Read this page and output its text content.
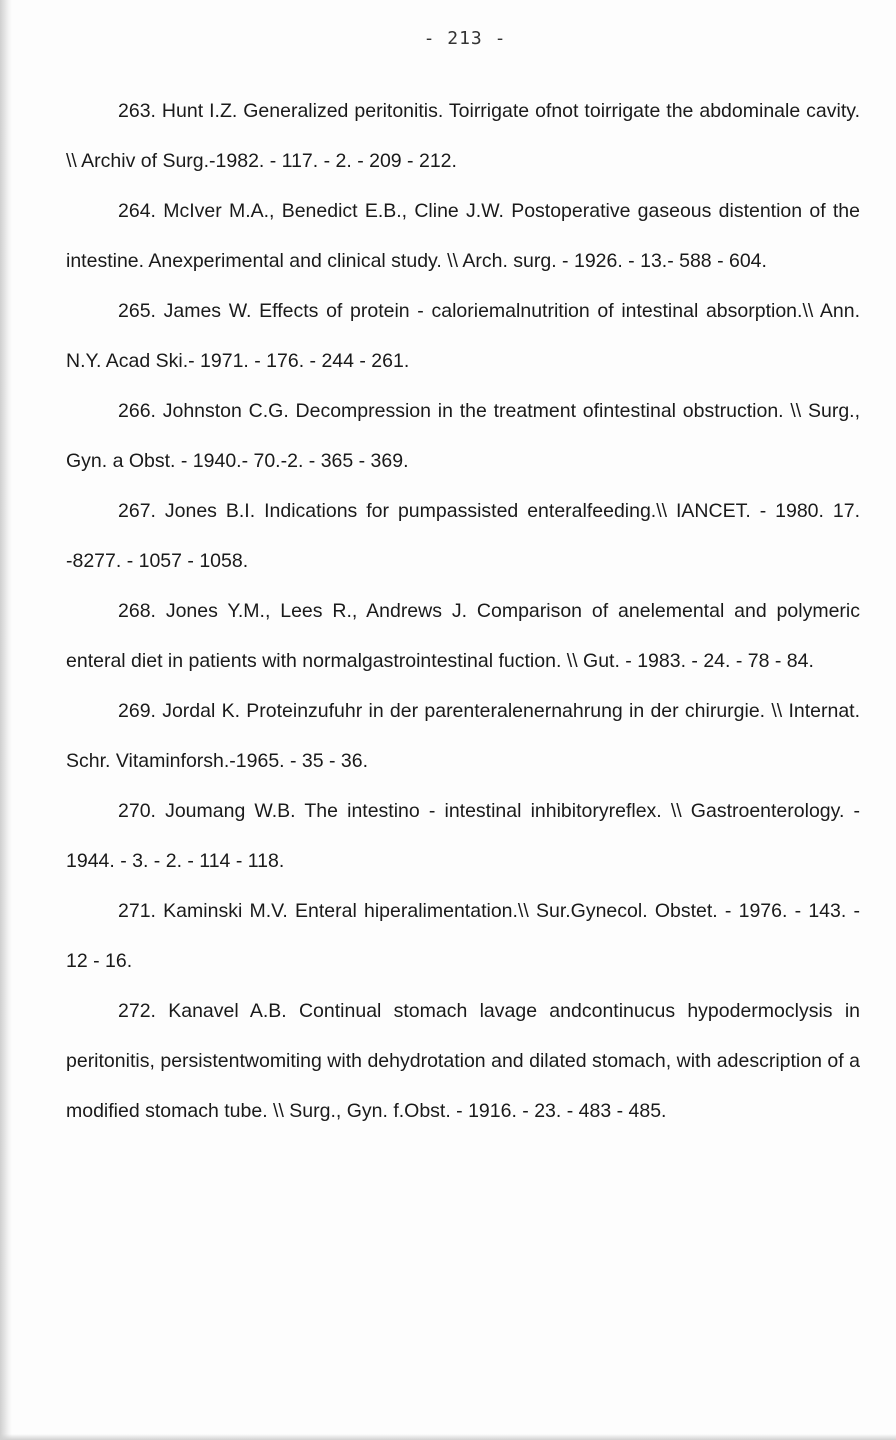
- 213 -

263. Hunt I.Z. Generalized peritonitis. Toirrigate ofnot toirrigate the abdominale cavity. \\ Archiv of Surg.-1982. - 117. - 2. - 209 - 212.

264. McIver M.A., Benedict E.B., Cline J.W. Postoperative gaseous distention of the intestine. Anexperimental and clinical study. \\ Arch. surg. - 1926. - 13.- 588 - 604.

265. James W. Effects of protein - caloriemalnutrition of intestinal absorption.\\ Ann. N.Y. Acad Ski.- 1971. - 176. - 244 - 261.

266. Johnston C.G. Decompression in the treatment ofintestinal obstruction. \\ Surg., Gyn. a Obst. - 1940.- 70.-2. - 365 - 369.

267. Jones B.I. Indications for pumpassisted enteralfeeding.\\ IANCET. - 1980. 17. -8277. - 1057 - 1058.

268. Jones Y.M., Lees R., Andrews J. Comparison of anelemental and polymeric enteral diet in patients with normalgastrointestinal fuction. \\ Gut. - 1983. - 24. - 78 - 84.

269. Jordal K. Proteinzufuhr in der parenteralenernahrung in der chirurgie. \\ Internat. Schr. Vitaminforsh.-1965. - 35 - 36.

270. Joumang W.B. The intestino - intestinal inhibitoryreflex. \\ Gastroenterology. - 1944. - 3. - 2. - 114 - 118.

271. Kaminski M.V. Enteral hiperalimentation.\\ Sur.Gynecol. Obstet. - 1976. - 143. - 12 - 16.

272. Kanavel A.B. Continual stomach lavage andcontinucus hypodermoclysis in peritonitis, persistentwomiting with dehydrotation and dilated stomach, with adescription of a modified stomach tube. \\ Surg., Gyn. f.Obst. - 1916. - 23. - 483 - 485.
